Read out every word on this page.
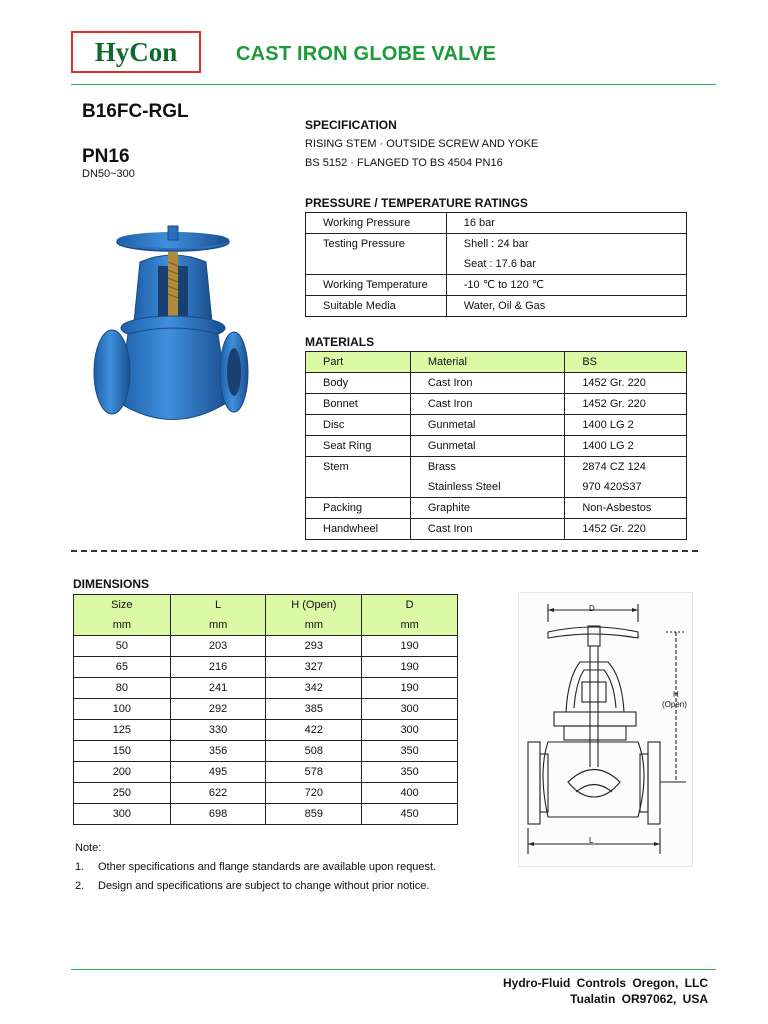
HyCon	CAST IRON GLOBE VALVE
B16FC-RGL
PN16
DN50~300
SPECIFICATION
RISING STEM · OUTSIDE SCREW AND YOKE
BS 5152 · FLANGED TO BS 4504 PN16
PRESSURE / TEMPERATURE RATINGS
Working Pressure	16 bar
Testing Pressure	Shell : 24 bar
	Seat : 17.6 bar
Working Temperature	-10 ℃ to 120 ℃
Suitable Media	Water, Oil & Gas
MATERIALS
Part	Material	BS
Body	Cast Iron	1452 Gr. 220
Bonnet	Cast Iron	1452 Gr. 220
Disc	Gunmetal	1400 LG 2
Seat Ring	Gunmetal	1400 LG 2
Stem	Brass	2874 CZ 124
	Stainless Steel	970 420S37
Packing	Graphite	Non-Asbestos
Handwheel	Cast Iron	1452 Gr. 220
DIMENSIONS
Size	L	H (Open)	D
mm	mm	mm	mm
50	203	293	190
65	216	327	190
80	241	342	190
100	292	385	300
125	330	422	300
150	356	508	350
200	495	578	350
250	622	720	400
300	698	859	450
D
H
(Open)
L
Note:
1. Other specifications and flange standards are available upon request.
2. Design and specifications are subject to change without prior notice.
Hydro-Fluid Controls Oregon, LLC
Tualatin OR97062, USA
